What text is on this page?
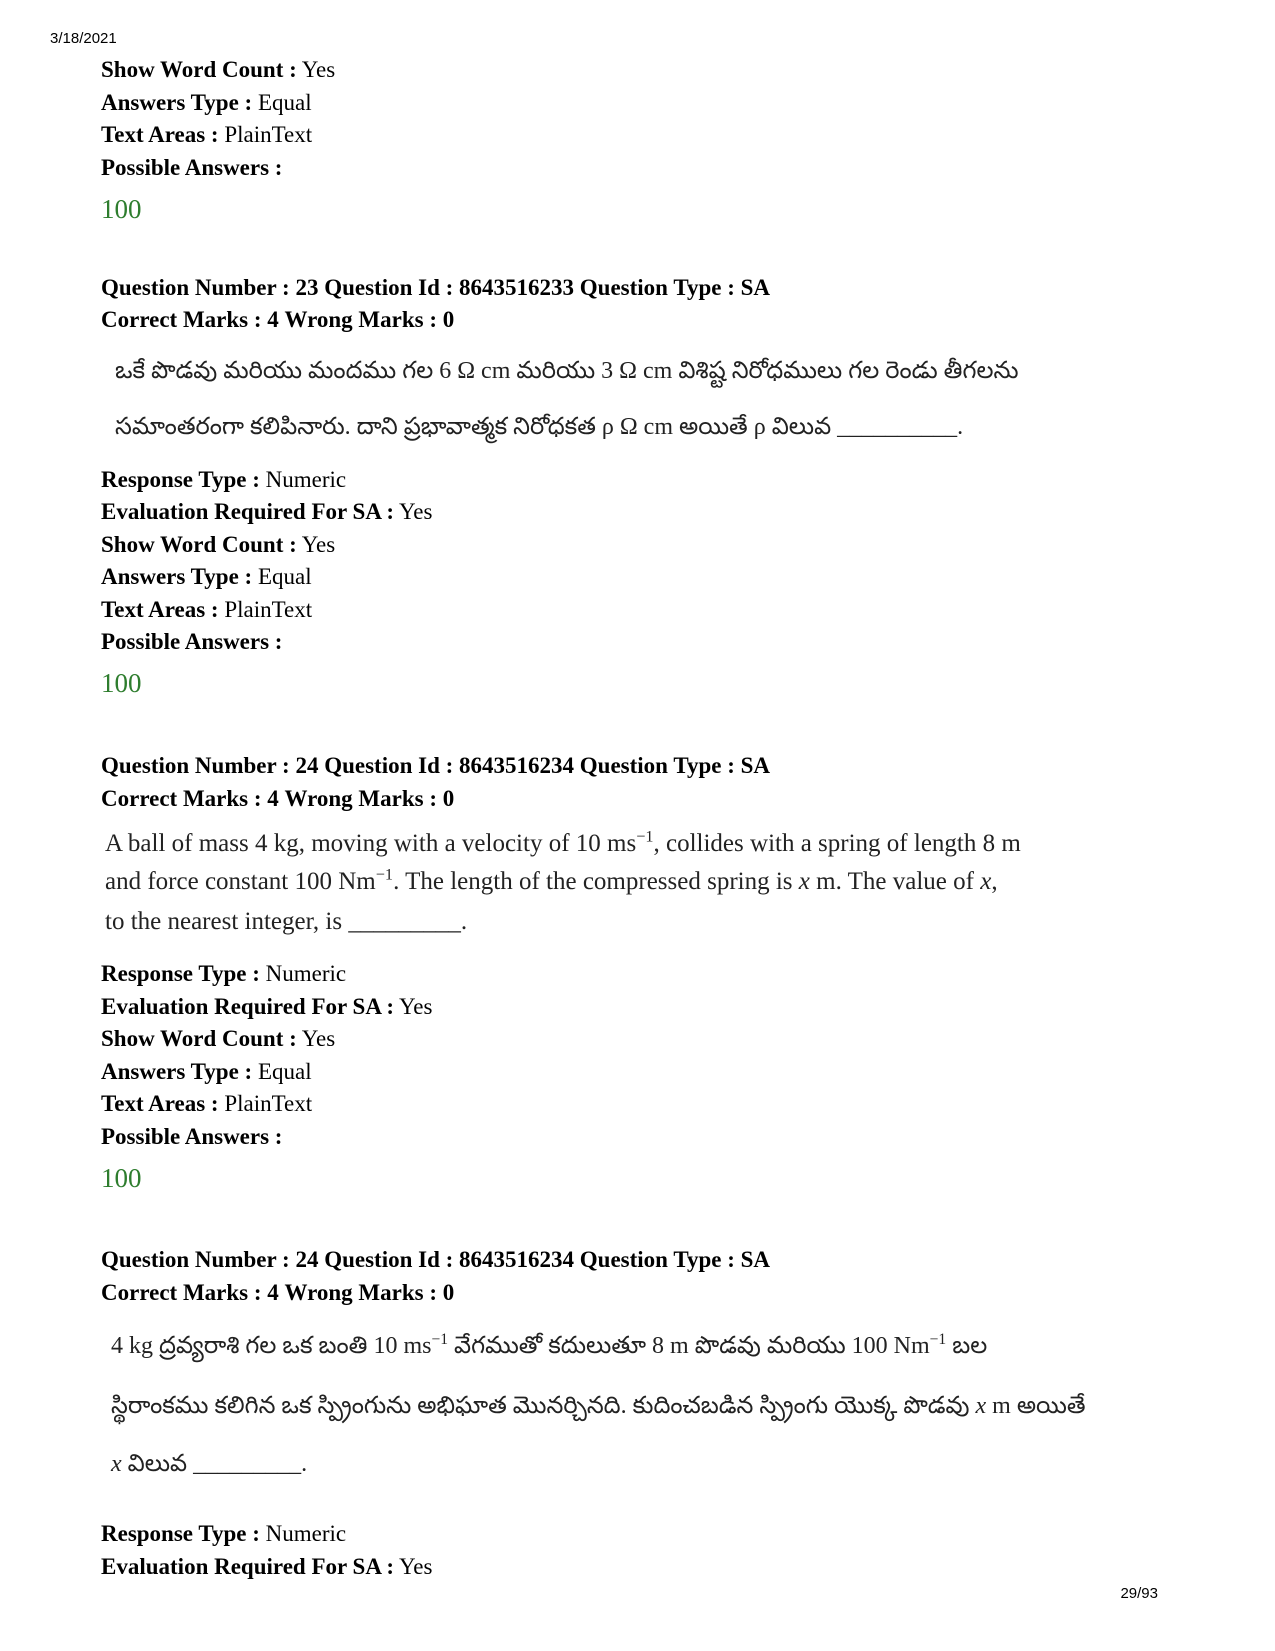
3/18/2021
Show Word Count : Yes
Answers Type : Equal
Text Areas : PlainText
Possible Answers :
100
Question Number : 23 Question Id : 8643516233 Question Type : SA
Correct Marks : 4 Wrong Marks : 0
ఒకే పొడవు మరియు మందము గల 6 Ω cm మరియు 3 Ω cm విశిష్ట నిరోధములు గల రెండు తీగలను
సమాంతరంగా కలిపినారు. దాని ప్రభావాత్మక నిరోధకత ρ Ω cm అయితే ρ విలువ __________.
Response Type : Numeric
Evaluation Required For SA : Yes
Show Word Count : Yes
Answers Type : Equal
Text Areas : PlainText
Possible Answers :
100
Question Number : 24 Question Id : 8643516234 Question Type : SA
Correct Marks : 4 Wrong Marks : 0
A ball of mass 4 kg, moving with a velocity of 10 $ms^{-1}$, collides with a spring of length 8 m
and force constant 100 $Nm^{-1}$. The length of the compressed spring is x m. The value of x,
to the nearest integer, is _________.
Response Type : Numeric
Evaluation Required For SA : Yes
Show Word Count : Yes
Answers Type : Equal
Text Areas : PlainText
Possible Answers :
100
Question Number : 24 Question Id : 8643516234 Question Type : SA
Correct Marks : 4 Wrong Marks : 0
4 kg ద్రవ్యరాశి గల ఒక బంతి 10 $ms^{-1}$ వేగముతో కదులుతూ 8 m పొడవు మరియు 100 $Nm^{-1}$ బల
స్థిరాంకము కలిగిన ఒక స్ప్రింగును అభిఘాత మొనర్చినది. కుదించబడిన స్ప్రింగు యొక్క పొడవు x m అయితే
x విలువ _________.
Response Type : Numeric
Evaluation Required For SA : Yes
29/93
